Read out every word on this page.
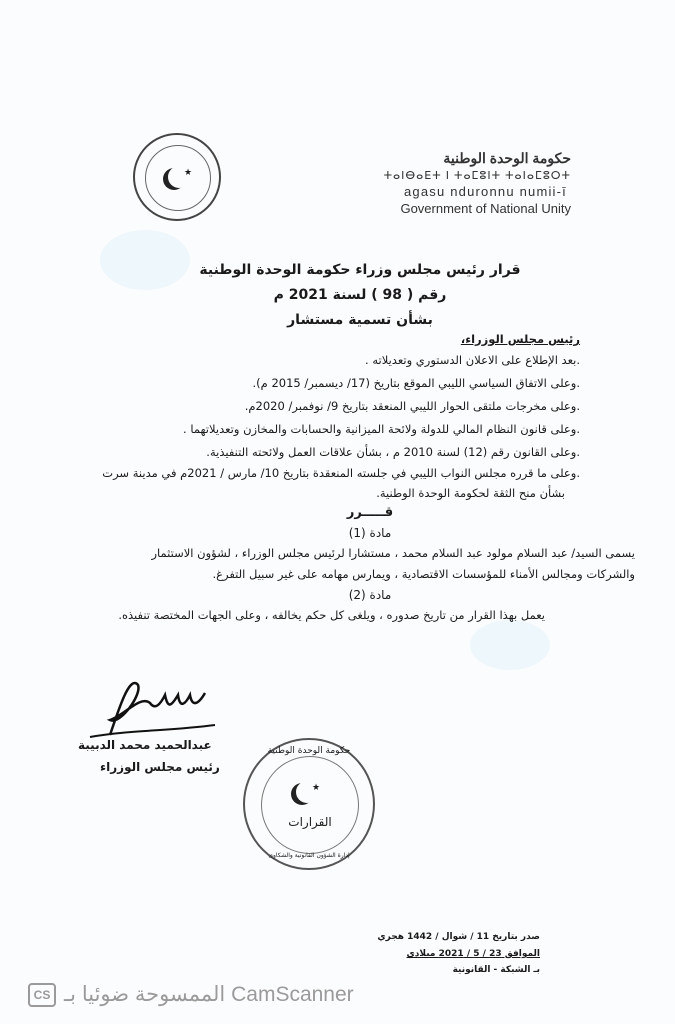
★
حكومة الوحدة الوطنية
ⵜⴰⵏⴱⴰⴹⵜ ⵏ ⵜⴰⵎⵓⵏⵜ ⵜⴰⵏⴰⵎⵓⵔⵜ
agasu nduronnu numii-ī
Government of National Unity
قرار رئيس مجلس وزراء حكومة الوحدة الوطنية
رقم ( 98 ) لسنة 2021 م
بشأن تسمية مستشار
رئيس مجلس الوزراء،
.بعد الإطلاع على الاعلان الدستوري وتعديلاته .
.وعلى الاتفاق السياسي الليبي الموقع بتاريخ (17/ ديسمبر/ 2015 م).
.وعلى مخرجات ملتقى الحوار الليبي المنعقد بتاريخ 9/ نوفمبر/ 2020م.
.وعلى قانون النظام المالي للدولة ولائحة الميزانية والحسابات والمخازن وتعديلاتهما .
.وعلى القانون رقم (12) لسنة 2010 م ، بشأن علاقات العمل ولائحته التنفيذية.
.وعلى ما قرره مجلس النواب الليبي في جلسته المنعقدة بتاريخ 10/ مارس / 2021م في مدينة سرت
بشأن منح الثقة لحكومة الوحدة الوطنية.
قـــــرر
مادة (1)
يسمى السيد/ عبد السلام مولود عبد السلام محمد ، مستشارا لرئيس مجلس الوزراء ، لشؤون الاستثمار
والشركات ومجالس الأمناء للمؤسسات الاقتصادية ، ويمارس مهامه على غير سبيل التفرغ.
مادة (2)
يعمل بهذا القرار من تاريخ صدوره ، ويلغى كل حكم يخالفه ، وعلى الجهات المختصة تنفيذه.
عبدالحميد محمد الدبيبة
رئيس مجلس الوزراء
حكومة الوحدة الوطنية
★
القرارات
إدارة الشؤون القانونية والشكاوى
صدر بتاريخ 11 / شوال / 1442 هجري
الموافق 23 / 5 / 2021 ميلادي
بـ الشبكة - القانونية
CS الممسوحة ضوئيا بـ CamScanner
